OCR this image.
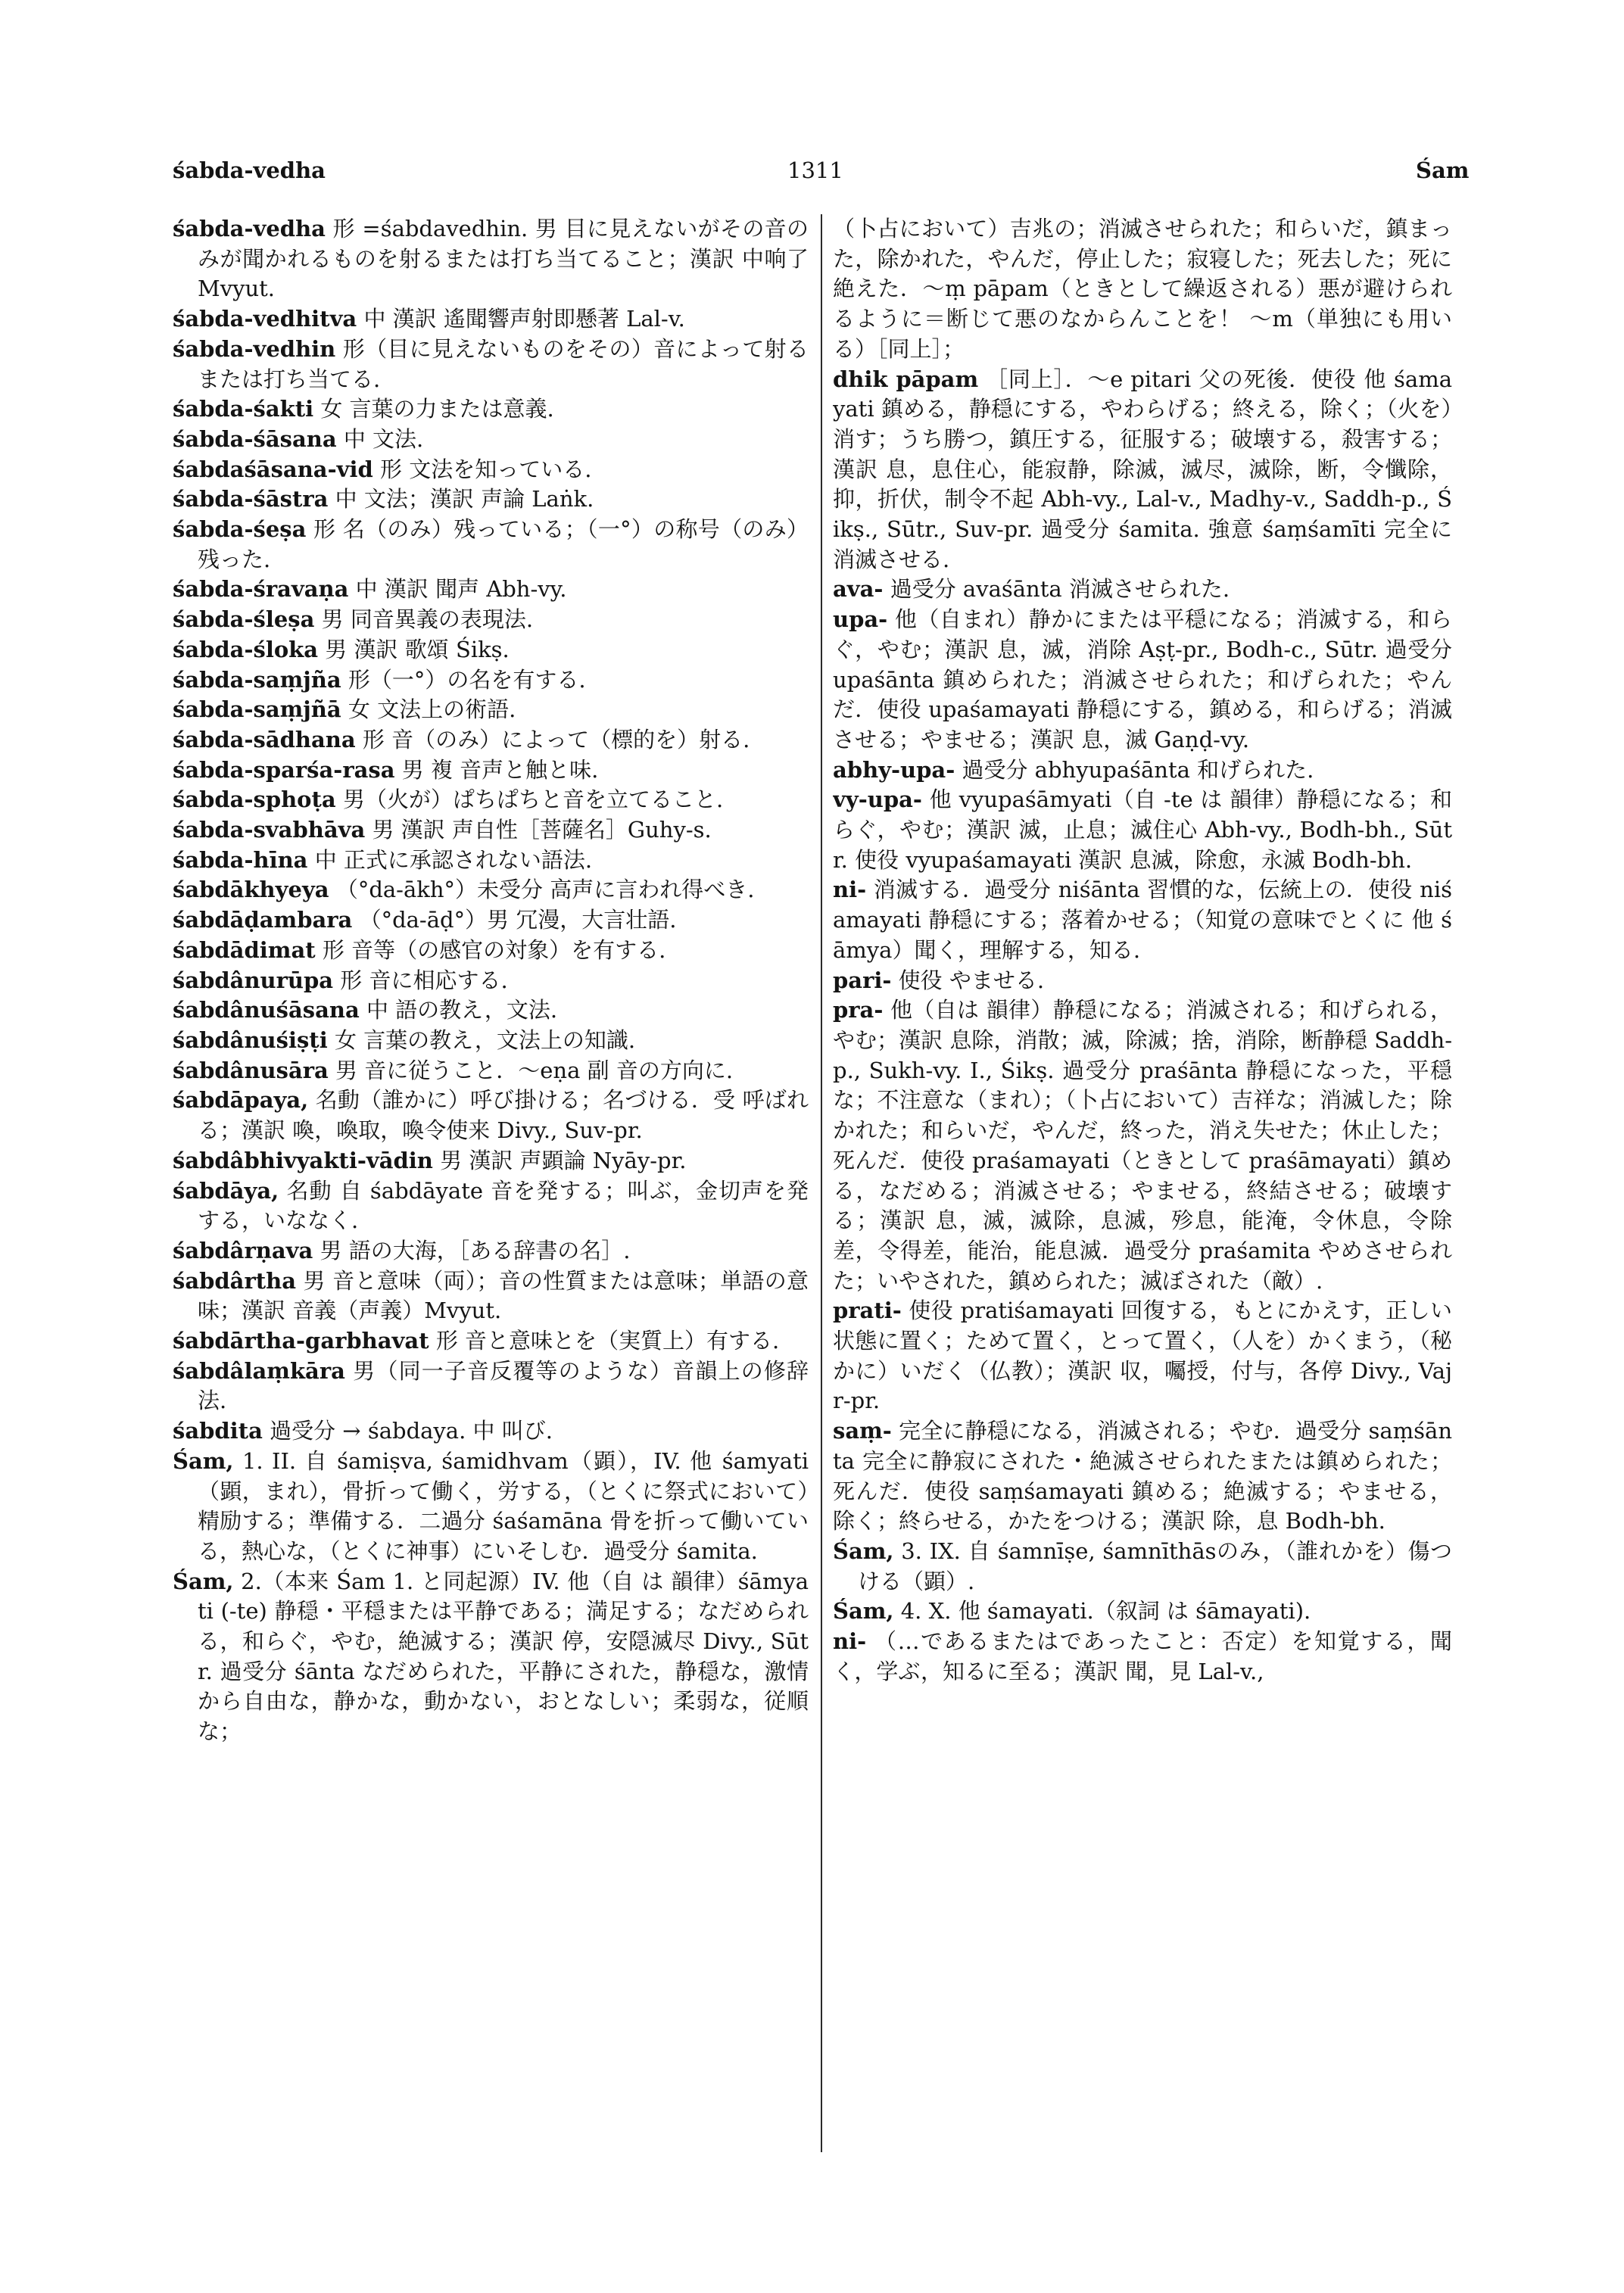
śabda-vedha	1311	Śam

śabda-vedha 形 =śabdavedhin. 男 目に見えないがその音のみが聞かれるものを射るまたは打ち当てること；漢訳 中响了 Mvyut.

śabda-vedhitva 中 漢訳 遙聞響声射即懸著 Lal-v.

śabda-vedhin 形（目に見えないものをその）音によって射るまたは打ち当てる.

śabda-śakti 女 言葉の力または意義.

śabda-śāsana 中 文法.

śabdaśāsana-vid 形 文法を知っている.

śabda-śāstra 中 文法；漢訳 声論 Laṅk.

śabda-śeṣa 形 名（のみ）残っている；（一°）の称号（のみ）残った.

śabda-śravaṇa 中 漢訳 聞声 Abh-vy.

śabda-śleṣa 男 同音異義の表現法.

śabda-śloka 男 漢訳 歌頌 Śikṣ.

śabda-saṃjña 形（一°）の名を有する.

śabda-saṃjñā 女 文法上の術語.

śabda-sādhana 形 音（のみ）によって（標的を）射る.

śabda-sparśa-rasa 男 複 音声と触と味.

śabda-sphoṭa 男（火が）ぱちぱちと音を立てること.

śabda-svabhāva 男 漢訳 声自性［菩薩名］Guhy-s.

śabda-hīna 中 正式に承認されない語法.

śabdākhyeya （°da-ākh°）未受分 高声に言われ得べき.

śabdāḍambara （°da-āḍ°）男 冗漫，大言壮語.

śabdādimat 形 音等（の感官の対象）を有する.

śabdânurūpa 形 音に相応する.

śabdânuśāsana 中 語の教え，文法.

śabdânuśiṣṭi 女 言葉の教え，文法上の知識.

śabdânusāra 男 音に従うこと．～eṇa 副 音の方向に.

śabdāpaya, 名動（誰かに）呼び掛ける；名づける．受 呼ばれる；漢訳 喚，喚取，喚令使来 Divy., Suv-pr.

śabdâbhivyakti-vādin 男 漢訳 声顕論 Nyāy-pr.

śabdāya, 名動 自 śabdāyate 音を発する；叫ぶ，金切声を発する，いななく.

śabdârṇava 男 語の大海，［ある辞書の名］.

śabdârtha 男 音と意味（両）；音の性質または意味；単語の意味；漢訳 音義（声義）Mvyut.

śabdārtha-garbhavat 形 音と意味とを（実質上）有する.

śabdâlaṃkāra 男（同一子音反覆等のような）音韻上の修辞法.

śabdita 過受分 → śabdaya. 中 叫び.

Śam, 1. II. 自 śamiṣva, śamidhvam（顕），IV. 他 śamyati（顕，まれ），骨折って働く，労する，（とくに祭式において）精励する；準備する．二過分 śaśamāna 骨を折って働いている，熱心な，（とくに神事）にいそしむ．過受分 śamita.

Śam, 2.（本来 Śam 1. と同起源）IV. 他（自 は 韻律）śāmyati (-te) 静穏・平穏または平静である；満足する；なだめられる，和らぐ，やむ，絶滅する；漢訳 停，安隠滅尽 Divy., Sūtr. 過受分 śānta なだめられた，平静にされた，静穏な，激情から自由な，静かな，動かない，おとなしい；柔弱な，従順な；

（卜占において）吉兆の；消滅させられた；和らいだ，鎮まった，除かれた，やんだ，停止した；寂寝した；死去した；死に絶えた．～ṃ pāpam（ときとして繰返される）悪が避けられるように＝断じて悪のなからんことを！ ～m（単独にも用いる）［同上］；

dhik pāpam ［同上］．～e pitari 父の死後．使役 他 śamayati 鎮める，静穏にする，やわらげる；終える，除く；（火を）消す；うち勝つ，鎮圧する，征服する；破壊する，殺害する；漢訳 息，息住心，能寂静，除滅，滅尽，滅除，断，令懺除，抑，折伏，制令不起 Abh-vy., Lal-v., Madhy-v., Saddh-p., Śikṣ., Sūtr., Suv-pr. 過受分 śamita. 強意 śaṃśamīti 完全に消滅させる.

ava- 過受分 avaśānta 消滅させられた.

upa- 他（自まれ）静かにまたは平穏になる；消滅する，和らぐ，やむ；漢訳 息，滅，消除 Aṣṭ-pr., Bodh-c., Sūtr. 過受分 upaśānta 鎮められた；消滅させられた；和げられた；やんだ．使役 upaśamayati 静穏にする，鎮める，和らげる；消滅させる；やませる；漢訳 息，滅 Gaṇḍ-vy.

abhy-upa- 過受分 abhyupaśānta 和げられた.

vy-upa- 他 vyupaśāmyati（自 -te は 韻律）静穏になる；和らぐ，やむ；漢訳 滅，止息；滅住心 Abh-vy., Bodh-bh., Sūtr. 使役 vyupaśamayati 漢訳 息滅，除愈，永滅 Bodh-bh.

ni- 消滅する．過受分 niśānta 習慣的な，伝統上の．使役 niśamayati 静穏にする；落着かせる；（知覚の意味でとくに 他 śāmya）聞く，理解する，知る.

pari- 使役 やませる.

pra- 他（自は 韻律）静穏になる；消滅される；和げられる，やむ；漢訳 息除，消散；滅，除滅；捨，消除，断静穏 Saddh-p., Sukh-vy. I., Śikṣ. 過受分 praśānta 静穏になった，平穏な；不注意な（まれ）；（卜占において）吉祥な；消滅した；除かれた；和らいだ，やんだ，終った，消え失せた；休止した；死んだ．使役 praśamayati（ときとして praśāmayati）鎮める，なだめる；消滅させる；やませる，終結させる；破壊する；漢訳 息，滅，滅除，息滅，殄息，能淹，令休息，令除差，令得差，能治，能息滅．過受分 praśamita やめさせられた；いやされた，鎮められた；滅ぼされた（敵）.

prati- 使役 pratiśamayati 回復する，もとにかえす，正しい状態に置く；ためて置く，とって置く，（人を）かくまう，（秘かに）いだく（仏教）；漢訳 収，囑授，付与，各停 Divy., Vajr-pr.

saṃ- 完全に静穏になる，消滅される；やむ．過受分 saṃśānta 完全に静寂にされた・絶滅させられたまたは鎮められた；死んだ．使役 saṃśamayati 鎮める；絶滅する；やませる，除く；終らせる，かたをつける；漢訳 除，息 Bodh-bh.

Śam, 3. IX. 自 śamnīṣe, śamnīthāsのみ，（誰れかを）傷つける（顕）.

Śam, 4. X. 他 śamayati.（叙詞 は śāmayati).

ni- （…であるまたはであったこと：否定）を知覚する，聞く，学ぶ，知るに至る；漢訳 聞，見 Lal-v.,
